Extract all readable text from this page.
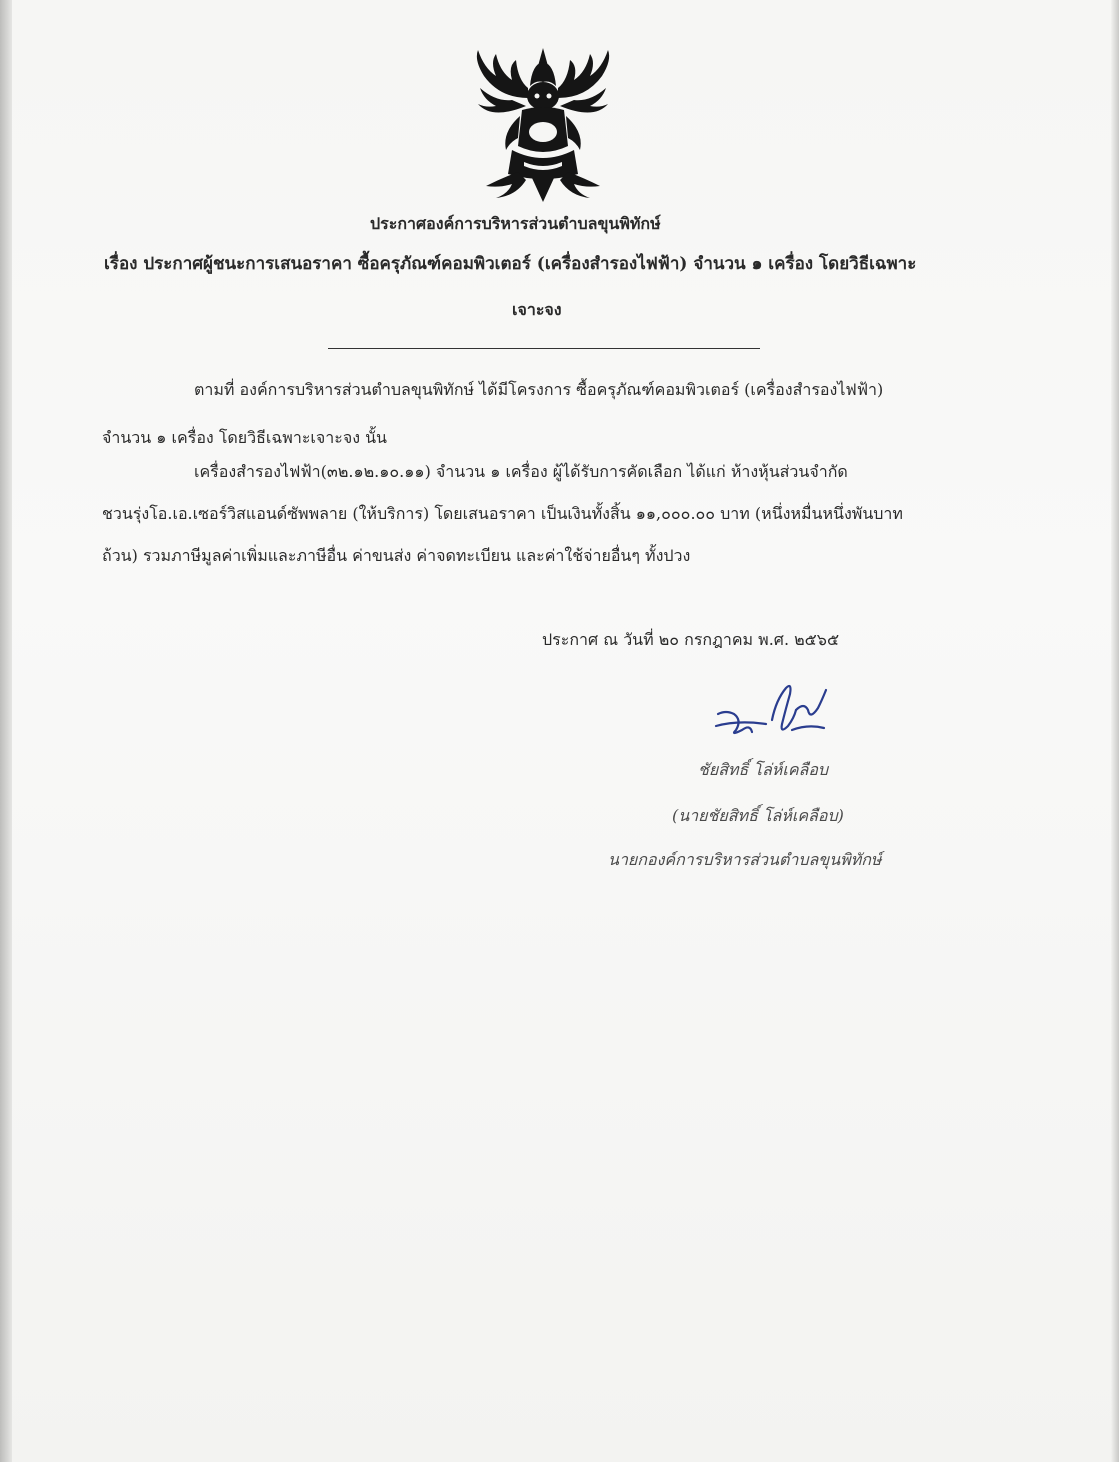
ประกาศองค์การบริหารส่วนตำบลขุนพิทักษ์
เรื่อง ประกาศผู้ชนะการเสนอราคา ซื้อครุภัณฑ์คอมพิวเตอร์ (เครื่องสำรองไฟฟ้า) จำนวน ๑ เครื่อง โดยวิธีเฉพาะ
เจาะจง
ตามที่ องค์การบริหารส่วนตำบลขุนพิทักษ์ ได้มีโครงการ ซื้อครุภัณฑ์คอมพิวเตอร์ (เครื่องสำรองไฟฟ้า)
จำนวน ๑ เครื่อง โดยวิธีเฉพาะเจาะจง นั้น
เครื่องสำรองไฟฟ้า(๓๒.๑๒.๑๐.๑๑) จำนวน ๑ เครื่อง ผู้ได้รับการคัดเลือก ได้แก่ ห้างหุ้นส่วนจำกัด
ชวนรุ่งโอ.เอ.เซอร์วิสแอนด์ซัพพลาย (ให้บริการ) โดยเสนอราคา เป็นเงินทั้งสิ้น ๑๑,๐๐๐.๐๐ บาท (หนึ่งหมื่นหนึ่งพันบาท
ถ้วน) รวมภาษีมูลค่าเพิ่มและภาษีอื่น ค่าขนส่ง ค่าจดทะเบียน และค่าใช้จ่ายอื่นๆ ทั้งปวง
ประกาศ ณ วันที่ ๒๐ กรกฎาคม พ.ศ. ๒๕๖๕
ชัยสิทธิ์ โล่ห์เคลือบ
(นายชัยสิทธิ์ โล่ห์เคลือบ)
นายกองค์การบริหารส่วนตำบลขุนพิทักษ์
